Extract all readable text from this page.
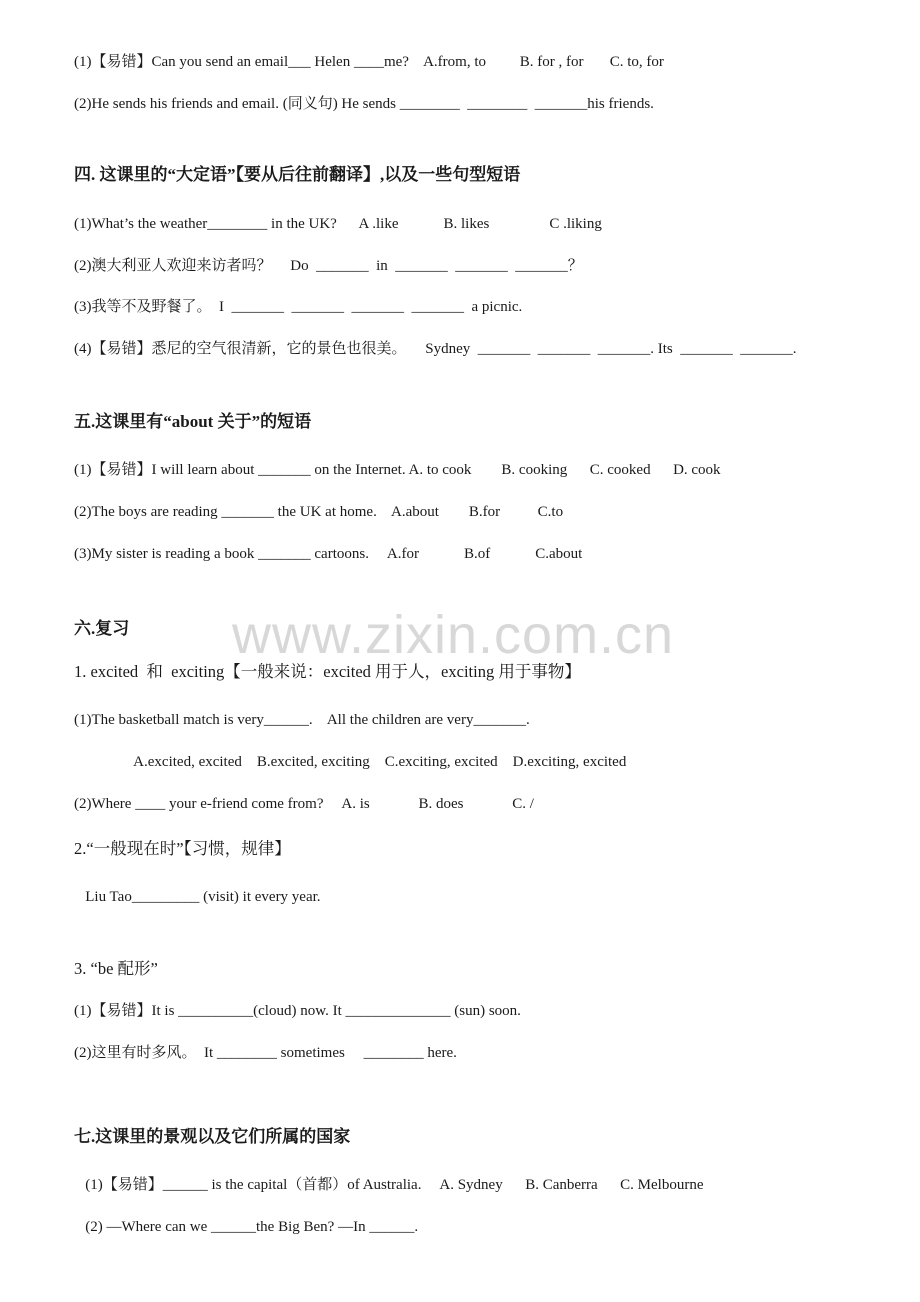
www.zixin.com.cn
(1)【易错】Can you send an email___ Helen ____me?    A.from, to         B. for , for       C. to, for
(2)He sends his friends and email. (同义句) He sends ________  ________  _______his friends.
四. 这课里的“大定语”【要从后往前翻译】,以及一些句型短语
(1)What’s the weather________ in the UK?      A .like            B. likes                C .liking
(2)澳大利亚人欢迎来访者吗？     Do  _______  in  _______  _______  _______？
(3)我等不及野餐了。  I  _______  _______  _______  _______  a picnic.
(4)【易错】悉尼的空气很清新，它的景色也很美。     Sydney  _______  _______  _______. Its  _______  _______.
五.这课里有“about 关于”的短语
(1)【易错】I will learn about _______ on the Internet. A. to cook        B. cooking      C. cooked      D. cook
(2)The boys are reading _______ the UK at home.    A.about        B.for          C.to
(3)My sister is reading a book _______ cartoons.     A.for            B.of            C.about
六.复习
1. excited  和  exciting【一般来说：excited 用于人，exciting 用于事物】
(1)The basketball match is very______.    All the children are very_______.
A.excited, excited    B.excited, exciting    C.exciting, excited    D.exciting, excited
(2)Where ____ your e-friend come from?     A. is             B. does             C. /
2.“一般现在时”【习惯，规律】
Liu Tao_________ (visit) it every year.
3. “be 配形”
(1)【易错】It is __________(cloud) now. It ______________ (sun) soon.
(2)这里有时多风。  It ________ sometimes     ________ here.
七.这课里的景观以及它们所属的国家
(1)【易错】______ is the capital（首都）of Australia.     A. Sydney      B. Canberra      C. Melbourne
(2) —Where can we ______the Big Ben? —In ______.
